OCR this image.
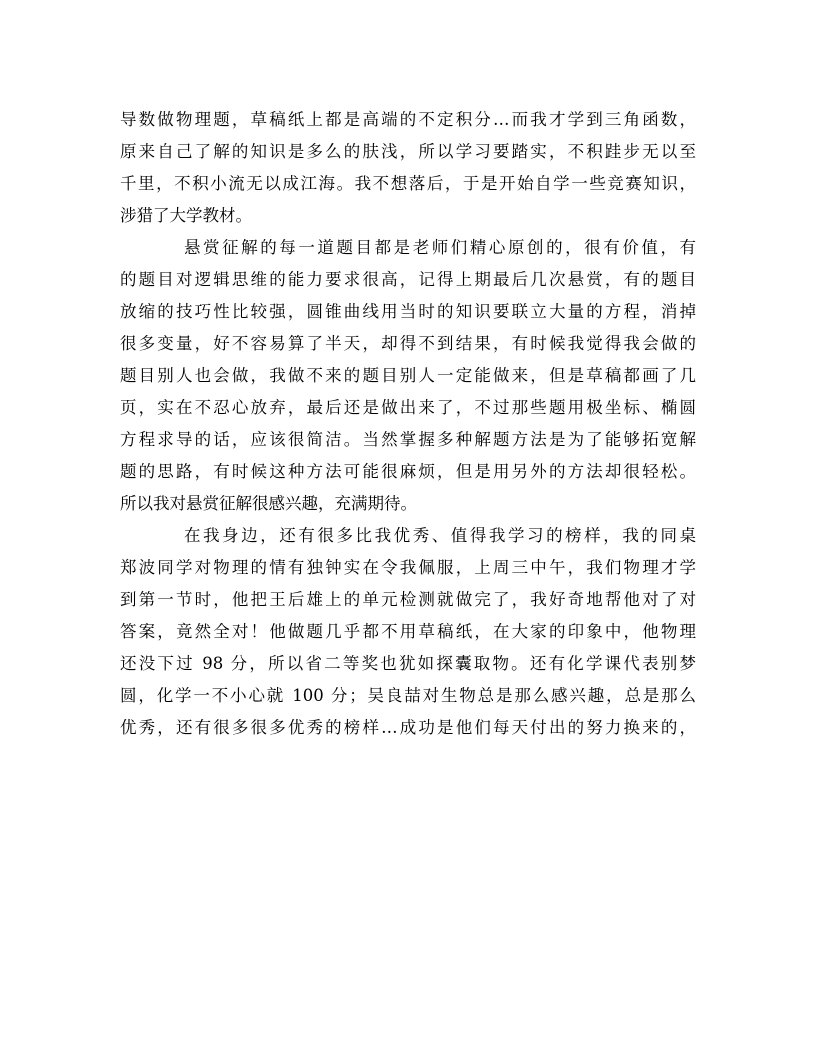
导数做物理题，草稿纸上都是高端的不定积分…而我才学到三角函数，
原来自己了解的知识是多么的肤浅，所以学习要踏实，不积跬步无以至
千里，不积小流无以成江海。我不想落后，于是开始自学一些竞赛知识，
涉猎了大学教材。
悬赏征解的每一道题目都是老师们精心原创的，很有价值，有
的题目对逻辑思维的能力要求很高，记得上期最后几次悬赏，有的题目
放缩的技巧性比较强，圆锥曲线用当时的知识要联立大量的方程，消掉
很多变量，好不容易算了半天，却得不到结果，有时候我觉得我会做的
题目别人也会做，我做不来的题目别人一定能做来，但是草稿都画了几
页，实在不忍心放弃，最后还是做出来了，不过那些题用极坐标、椭圆
方程求导的话，应该很简洁。当然掌握多种解题方法是为了能够拓宽解
题的思路，有时候这种方法可能很麻烦，但是用另外的方法却很轻松。
所以我对悬赏征解很感兴趣，充满期待。
在我身边，还有很多比我优秀、值得我学习的榜样，我的同桌
郑波同学对物理的情有独钟实在令我佩服，上周三中午，我们物理才学
到第一节时，他把王后雄上的单元检测就做完了，我好奇地帮他对了对
答案，竟然全对！他做题几乎都不用草稿纸，在大家的印象中，他物理
还没下过 98 分，所以省二等奖也犹如探囊取物。还有化学课代表别梦
圆，化学一不小心就 100 分；吴良喆对生物总是那么感兴趣，总是那么
优秀，还有很多很多优秀的榜样…成功是他们每天付出的努力换来的，
